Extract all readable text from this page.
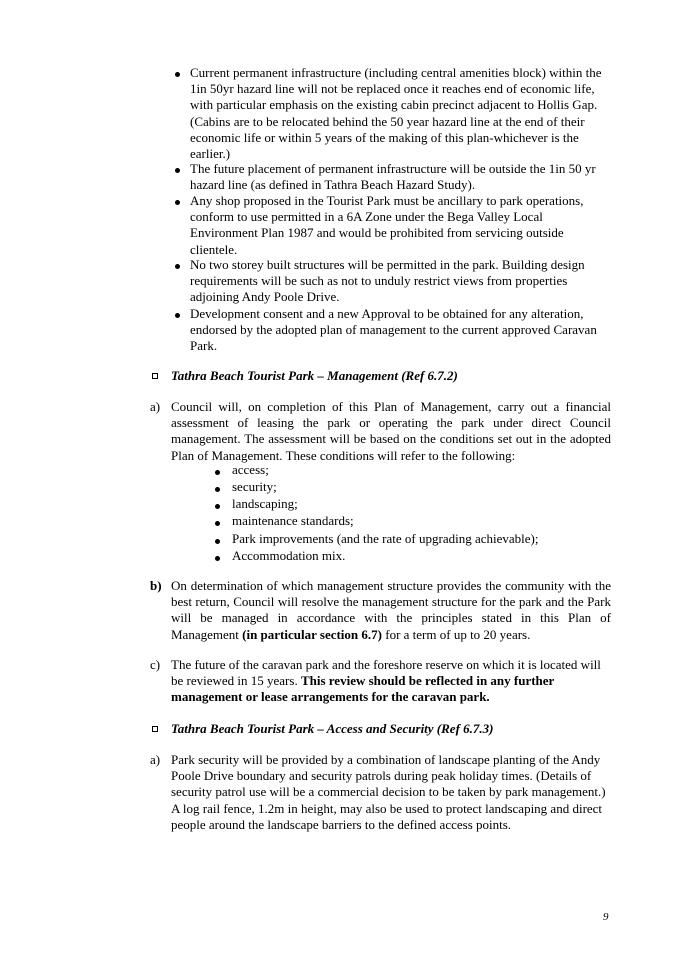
Current permanent infrastructure (including central amenities block) within the 1in 50yr hazard line will not be replaced once it reaches end of economic life, with particular emphasis on the existing cabin precinct adjacent to Hollis Gap. (Cabins are to be relocated behind the 50 year hazard line at the end of their economic life or within 5 years of the making of this plan-whichever is the earlier.)
The future placement of permanent infrastructure will be outside the 1in 50 yr hazard line (as defined in Tathra Beach Hazard Study).
Any shop proposed in the Tourist Park must be ancillary to park operations, conform to use permitted in a 6A Zone under the Bega Valley Local Environment Plan 1987 and would be prohibited from servicing outside clientele.
No two storey built structures will be permitted in the park. Building design requirements will be such as not to unduly restrict views from properties adjoining Andy Poole Drive.
Development consent and a new Approval to be obtained for any alteration, endorsed by the adopted plan of management to the current approved Caravan Park.
Tathra Beach Tourist Park – Management (Ref 6.7.2)
a) Council will, on completion of this Plan of Management, carry out a financial assessment of leasing the park or operating the park under direct Council management. The assessment will be based on the conditions set out in the adopted Plan of Management. These conditions will refer to the following:
access;
security;
landscaping;
maintenance standards;
Park improvements (and the rate of upgrading achievable);
Accommodation mix.
b) On determination of which management structure provides the community with the best return, Council will resolve the management structure for the park and the Park will be managed in accordance with the principles stated in this Plan of Management (in particular section 6.7) for a term of up to 20 years.
c) The future of the caravan park and the foreshore reserve on which it is located will be reviewed in 15 years. This review should be reflected in any further management or lease arrangements for the caravan park.
Tathra Beach Tourist Park – Access and Security (Ref 6.7.3)
a) Park security will be provided by a combination of landscape planting of the Andy Poole Drive boundary and security patrols during peak holiday times. (Details of security patrol use will be a commercial decision to be taken by park management.) A log rail fence, 1.2m in height, may also be used to protect landscaping and direct people around the landscape barriers to the defined access points.
9
